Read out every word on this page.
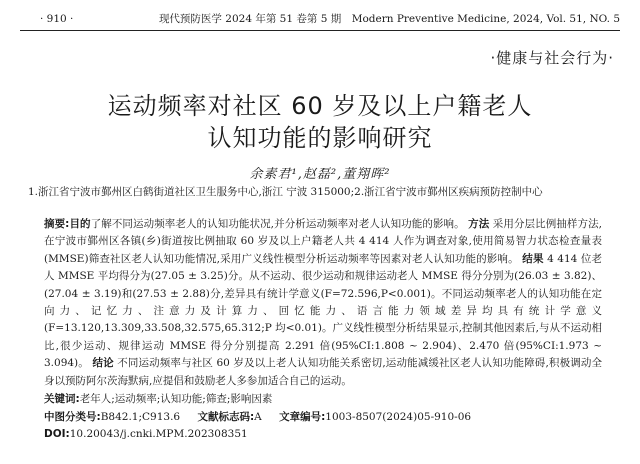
· 910 ·	现代预防医学 2024 年第 51 卷第 5 期　Modern Preventive Medicine, 2024, Vol. 51, NO. 5
·健康与社会行为·
运动频率对社区 60 岁及以上户籍老人
认知功能的影响研究
余素君¹,赵磊²,董翔晖²
1.浙江省宁波市鄞州区白鹤街道社区卫生服务中心,浙江 宁波 315000;2.浙江省宁波市鄞州区疾病预防控制中心
摘要:目的了解不同运动频率老人的认知功能状况,并分析运动频率对老人认知功能的影响。 方法 采用分层比例抽样方法,在宁波市鄞州区各镇(乡)街道按比例抽取 60 岁及以上户籍老人共 4 414 人作为调查对象,使用简易智力状态检查量表(MMSE)筛查社区老人认知功能情况,采用广义线性模型分析运动频率等因素对老人认知功能的影响。 结果 4 414 位老人 MMSE 平均得分为(27.05 ± 3.25)分。从不运动、很少运动和规律运动老人 MMSE 得分分别为(26.03 ± 3.82)、(27.04 ± 3.19)和(27.53 ± 2.88)分,差异具有统计学意义(F=72.596,P<0.001)。不同运动频率老人的认知功能在定向力、记忆力、注意力及计算力、回忆能力、语言能力领域差异均具有统计学意义(F=13.120,13.309,33.508,32.575,65.312;P 均<0.01)。广义线性模型分析结果显示,控制其他因素后,与从不运动相比,很少运动、规律运动 MMSE 得分分别提高 2.291 倍(95%CI:1.808 ~ 2.904)、2.470 倍(95%CI:1.973 ~ 3.094)。 结论 不同运动频率与社区 60 岁及以上老人认知功能关系密切,运动能减缓社区老人认知功能障碍,积极调动全身以预防阿尔茨海默病,应提倡和鼓励老人多参加适合自己的运动。
关键词:老年人;运动频率;认知功能;筛查;影响因素
中图分类号:B842.1;C913.6 文献标志码:A 文章编号:1003-8507(2024)05-910-06
DOI:10.20043/j.cnki.MPM.202308351
